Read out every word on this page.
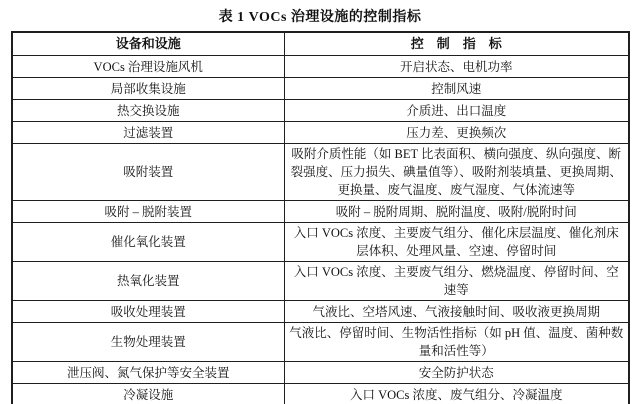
表 1 VOCs 治理设施的控制指标
设备和设施	控　制　指　标
VOCs 治理设施风机	开启状态、电机功率
局部收集设施	控制风速
热交换设施	介质进、出口温度
过滤装置	压力差、更换频次
吸附装置	吸附介质性能（如 BET 比表面积、横向强度、纵向强度、断裂强度、压力损失、碘量值等）、吸附剂装填量、更换周期、更换量、废气温度、废气湿度、气体流速等
吸附 – 脱附装置	吸附 – 脱附周期、脱附温度、吸附/脱附时间
催化氧化装置	入口 VOCs 浓度、主要废气组分、催化床层温度、催化剂床层体积、处理风量、空速、停留时间
热氧化装置	入口 VOCs 浓度、主要废气组分、燃烧温度、停留时间、空速等
吸收处理装置	气液比、空塔风速、气液接触时间、吸收液更换周期
生物处理装置	气液比、停留时间、生物活性指标（如 pH 值、温度、菌种数量和活性等）
泄压阀、氮气保护等安全装置	安全防护状态
冷凝设施	入口 VOCs 浓度、废气组分、冷凝温度
